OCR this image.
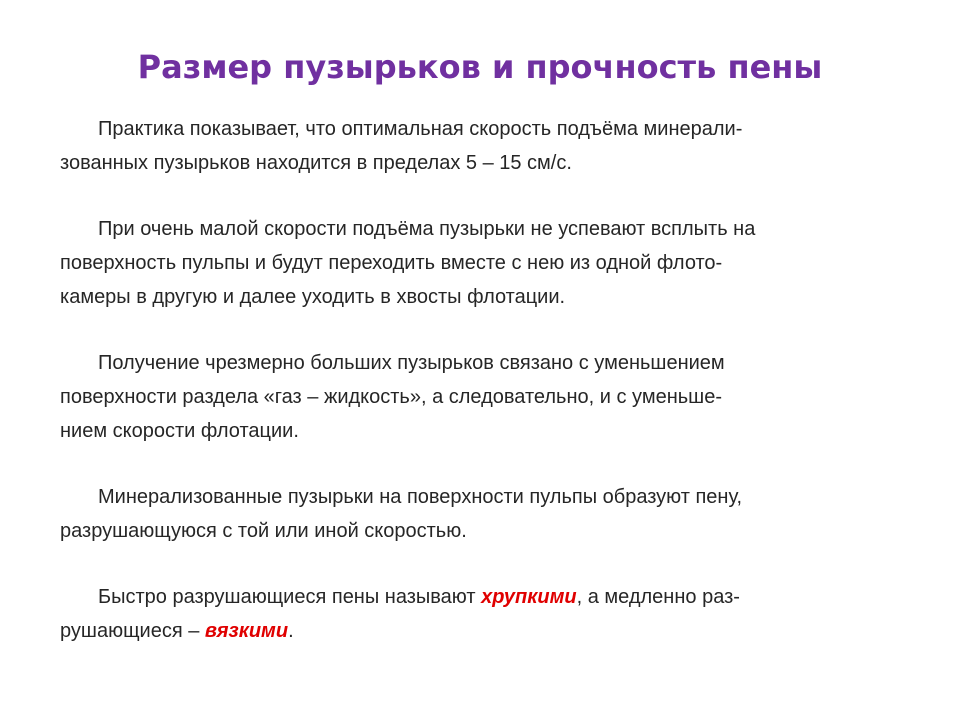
Размер пузырьков и прочность пены

Практика показывает, что оптимальная скорость подъёма минерали-
зованных пузырьков находится в пределах 5 – 15 см/с.

При очень малой скорости подъёма пузырьки не успевают всплыть на
поверхность пульпы и будут переходить вместе с нею из одной флото-
камеры в другую и далее уходить в хвосты флотации.

Получение чрезмерно больших пузырьков связано с уменьшением
поверхности раздела «газ – жидкость», а следовательно, и с уменьше-
нием скорости флотации.

Минерализованные пузырьки на поверхности пульпы образуют пену,
разрушающуюся с той или иной скоростью.

Быстро разрушающиеся пены называют хрупкими, а медленно раз-
рушающиеся – вязкими.
